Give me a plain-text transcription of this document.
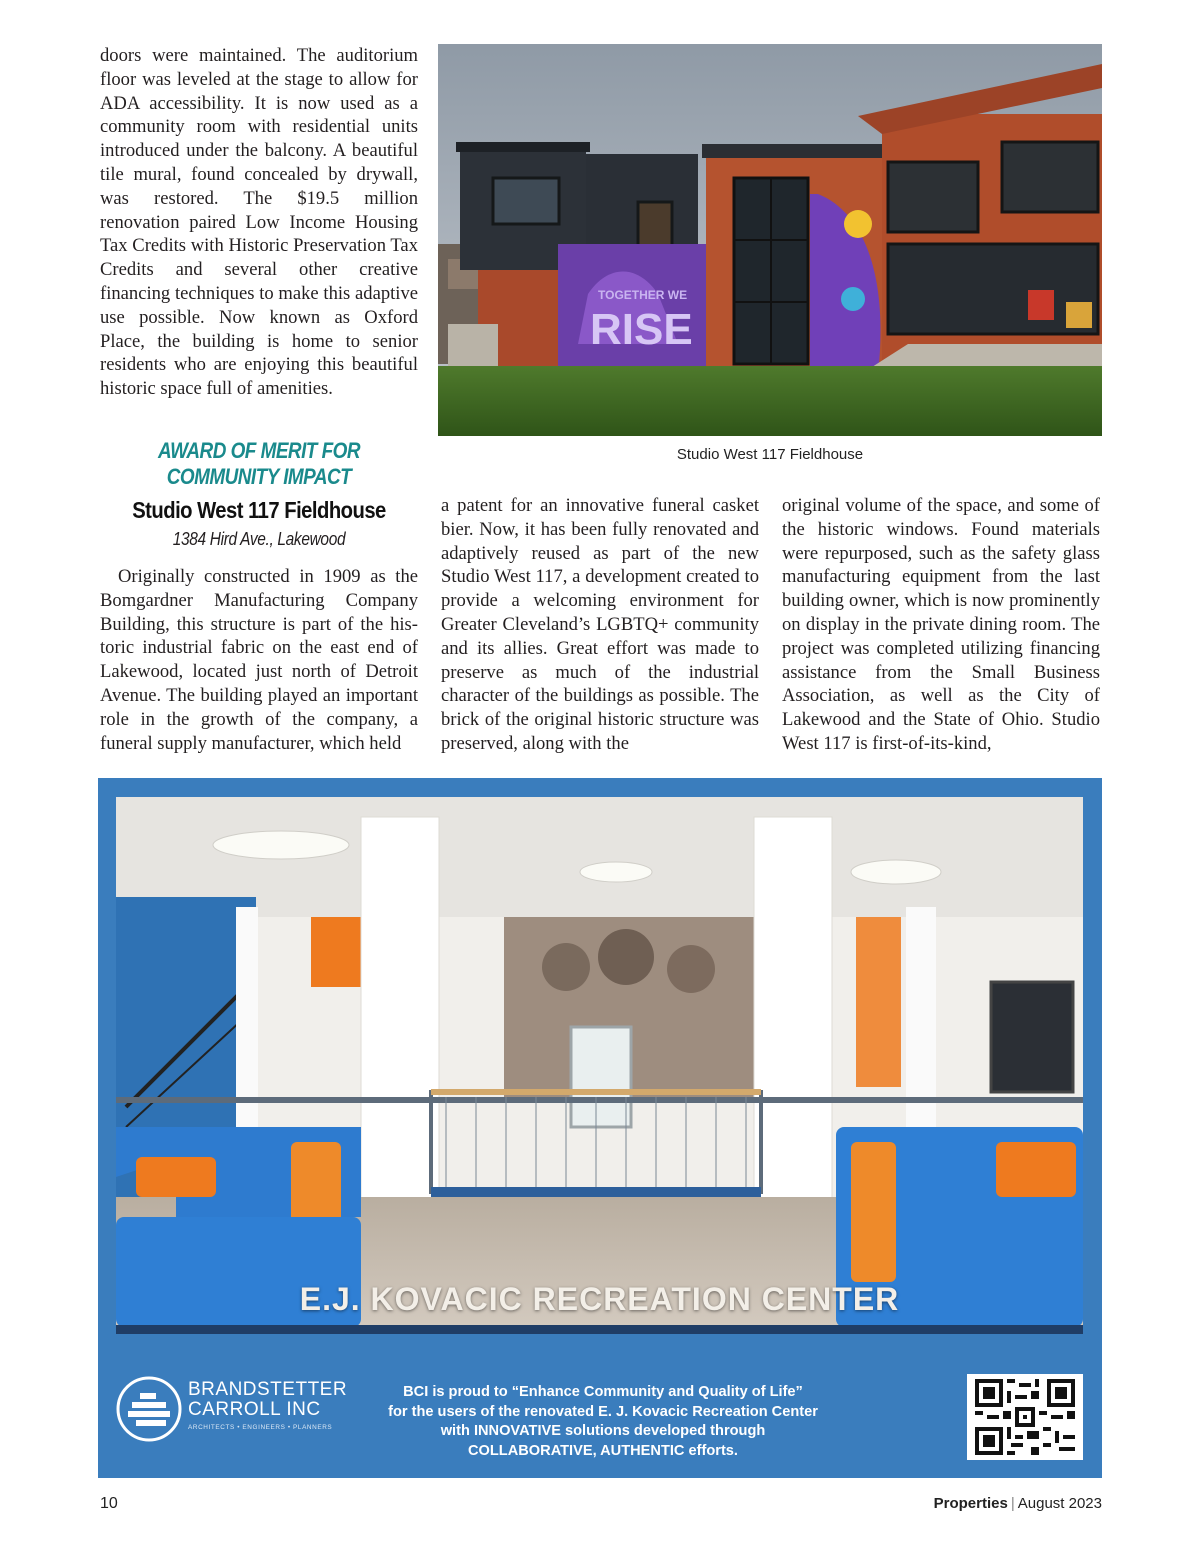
doors were maintained. The auditorium floor was leveled at the stage to allow for ADA accessibility. It is now used as a community room with residential units introduced under the balcony. A beautiful tile mural, found concealed by drywall, was restored. The $19.5 million renovation paired Low Income Housing Tax Credits with Historic Preservation Tax Credits and several other creative financing techniques to make this adaptive use possible. Now known as Oxford Place, the building is home to senior residents who are enjoying this beautiful historic space full of amenities.

AWARD OF MERIT FOR
COMMUNITY IMPACT
Studio West 117 Fieldhouse
1384 Hird Ave., Lakewood

Originally constructed in 1909 as the Bomgardner Manufacturing Company Building, this structure is part of the historic industrial fabric on the east end of Lakewood, located just north of Detroit Avenue. The building played an important role in the growth of the company, a funeral supply manufacturer, which held

a patent for an innovative funeral casket bier. Now, it has been fully renovated and adaptively reused as part of the new Studio West 117, a development created to provide a welcoming environment for Greater Cleveland’s LGBTQ+ community and its allies. Great effort was made to preserve as much of the industrial character of the buildings as possible. The brick of the original historic structure was preserved, along with the

original volume of the space, and some of the historic windows. Found materials were repurposed, such as the safety glass manufacturing equipment from the last building owner, which is now prominently on display in the private dining room. The project was completed utilizing financing assistance from the Small Business Association, as well as the City of Lakewood and the State of Ohio. Studio West 117 is first-of-its-kind,

TOGETHER WE
RISE
Studio West 117 Fieldhouse
E.J. KOVACIC RECREATION CENTER
BRANDSTETTER
CARROLL INC
ARCHITECTS • ENGINEERS • PLANNERS
BCI is proud to “Enhance Community and Quality of Life”
for the users of the renovated E. J. Kovacic Recreation Center
with INNOVATIVE solutions developed through
COLLABORATIVE, AUTHENTIC efforts.
10	Properties | August 2023
